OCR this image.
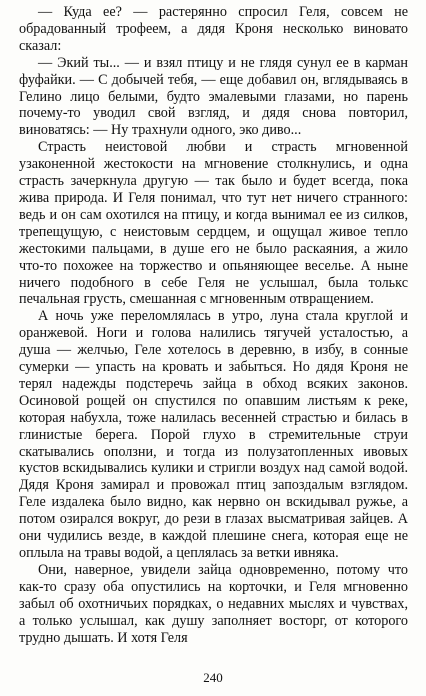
— Куда ее? — растерянно спросил Геля, совсем не обрадованный трофеем, а дядя Кроня несколько виновато сказал:

— Экий ты... — и взял птицу и не глядя сунул ее в карман фуфайки. — С добычей тебя, — еще добавил он, вглядываясь в Гелино лицо белыми, будто эмалевыми глазами, но парень почему-то уводил свой взгляд, и дядя снова повторил, виноватясь: — Ну трахнули одного, эко диво...

Страсть неистовой любви и страсть мгновенной узаконенной жестокости на мгновение столкнулись, и одна страсть зачеркнула другую — так было и будет всегда, пока жива природа. И Геля понимал, что тут нет ничего странного: ведь и он сам охотился на птицу, и когда вынимал ее из силков, трепещущую, с неистовым сердцем, и ощущал живое тепло жестокими пальцами, в душе его не было раскаяния, а жило что-то похожее на торжество и опьяняющее веселье. А ныне ничего подобного в себе Геля не услышал, была толькс печальная грусть, смешанная с мгновенным отвращением.

А ночь уже переломлялась в утро, луна стала круглой и оранжевой. Ноги и голова налились тягучей усталостью, а душа — желчью, Геле хотелось в деревню, в избу, в сонные сумерки — упасть на кровать и забыться. Но дядя Кроня не терял надежды подстеречь зайца в обход всяких законов. Осиновой рощей он спустился по опавшим листьям к реке, которая набухла, тоже налилась весенней страстью и билась в глинистые берега. Порой глухо в стремительные струи скатывались оползни, и тогда из полузатопленных ивовых кустов вскидывались кулики и стригли воздух над самой водой. Дядя Кроня замирал и провожал птиц запоздалым взглядом. Геле издалека было видно, как нервно он вскидывал ружье, а потом озирался вокруг, до рези в глазах высматривая зайцев. А они чудились везде, в каждой плешине снега, которая еще не оплыла на травы водой, а цеплялась за ветки ивняка.

Они, наверное, увидели зайца одновременно, потому что как-то сразу оба опустились на корточки, и Геля мгновенно забыл об охотничьих порядках, о недавних мыслях и чувствах, а только услышал, как душу заполняет восторг, от которого трудно дышать. И хотя Геля

240
